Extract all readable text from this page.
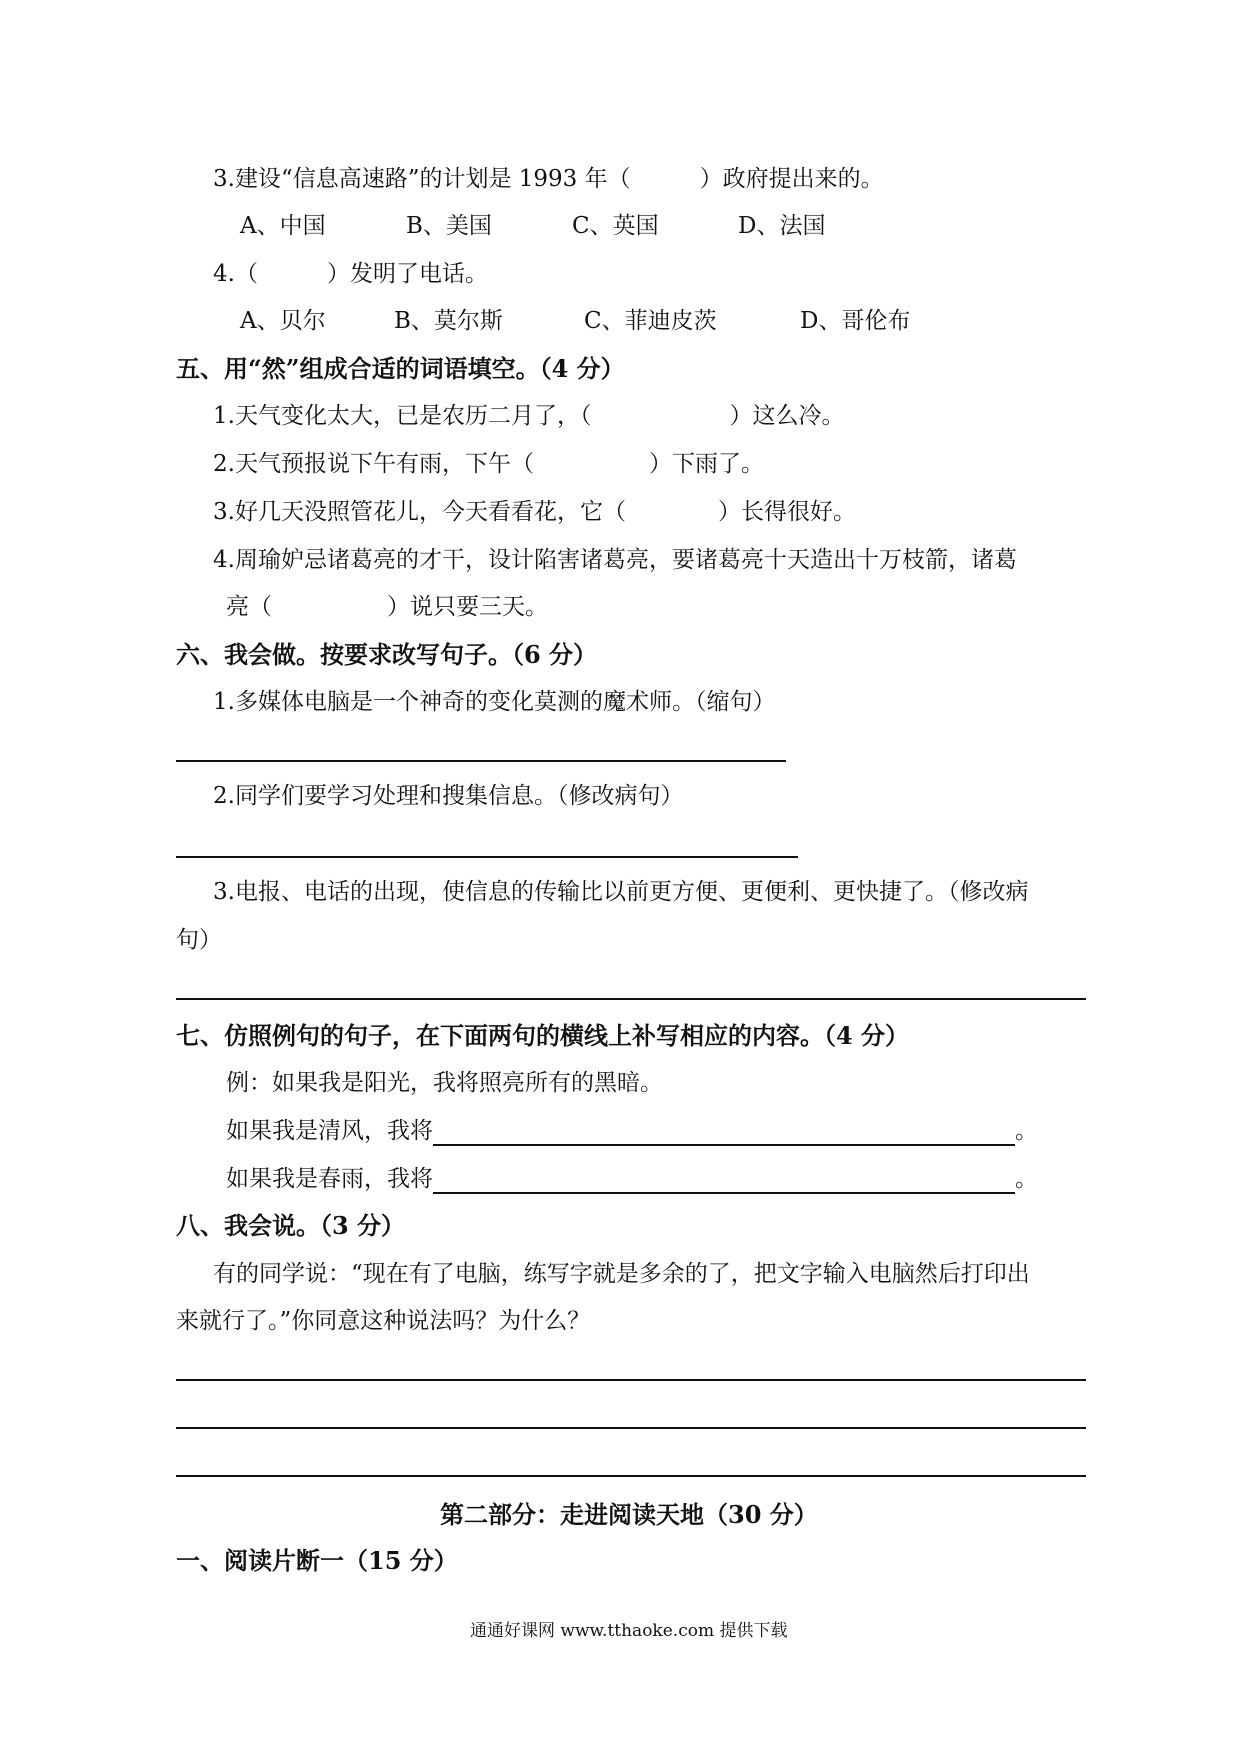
3.建设“信息高速路”的计划是 1993 年（　　　）政府提出来的。
A、中国	B、美国	C、英国	D、法国
4.（　　　）发明了电话。
A、贝尔	B、莫尔斯	C、菲迪皮茨	D、哥伦布
五、用“然”组成合适的词语填空。（4 分）
1.天气变化太大，已是农历二月了，（　　　　　　）这么冷。
2.天气预报说下午有雨，下午（　　　　　）下雨了。
3.好几天没照管花儿，今天看看花，它（　　　　）长得很好。
4.周瑜妒忌诸葛亮的才干，设计陷害诸葛亮，要诸葛亮十天造出十万枝箭，诸葛
亮（　　　　　）说只要三天。
六、我会做。按要求改写句子。（6 分）
1.多媒体电脑是一个神奇的变化莫测的魔术师。（缩句）
2.同学们要学习处理和搜集信息。（修改病句）
3.电报、电话的出现，使信息的传输比以前更方便、更便利、更快捷了。（修改病
句）
七、仿照例句的句子，在下面两句的横线上补写相应的内容。（4 分）
例：如果我是阳光，我将照亮所有的黑暗。
如果我是清风，我将	。
如果我是春雨，我将	。
八、我会说。（3 分）
有的同学说：“现在有了电脑，练写字就是多余的了，把文字输入电脑然后打印出
来就行了。”你同意这种说法吗？为什么？
第二部分：走进阅读天地（30 分）
一、阅读片断一（15 分）
通通好课网 www.tthaoke.com 提供下载
